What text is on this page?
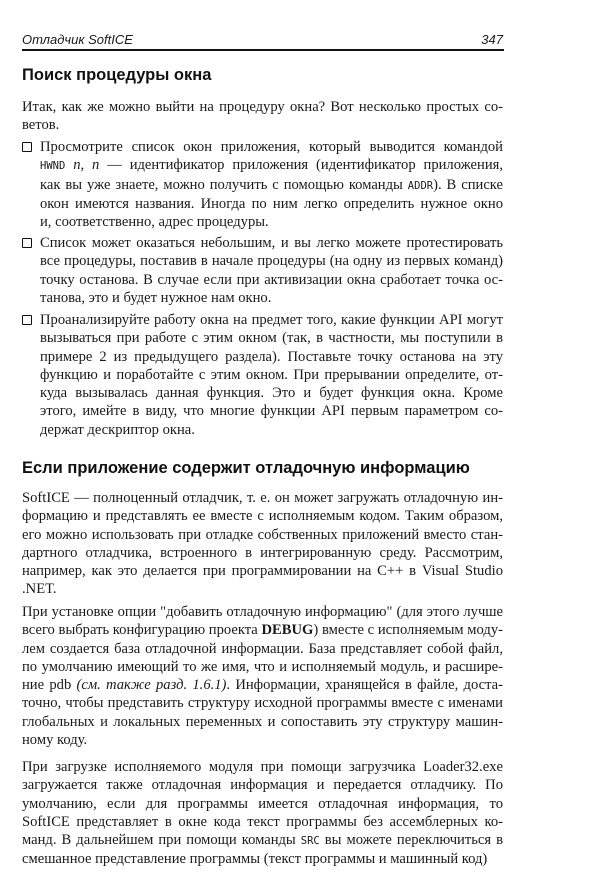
Отладчик SoftICE	347
Поиск процедуры окна
Итак, как же можно выйти на процедуру окна? Вот несколько простых со-
ветов.
Просмотрите список окон приложения, который выводится командой
HWND n, n — идентификатор приложения (идентификатор приложения,
как вы уже знаете, можно получить с помощью команды ADDR). В списке
окон имеются названия. Иногда по ним легко определить нужное окно
и, соответственно, адрес процедуры.
Список может оказаться небольшим, и вы легко можете протестировать
все процедуры, поставив в начале процедуры (на одну из первых команд)
точку останова. В случае если при активизации окна сработает точка ос-
танова, это и будет нужное нам окно.
Проанализируйте работу окна на предмет того, какие функции API могут
вызываться при работе с этим окном (так, в частности, мы поступили в
примере 2 из предыдущего раздела). Поставьте точку останова на эту
функцию и поработайте с этим окном. При прерывании определите, от-
куда вызывалась данная функция. Это и будет функция окна. Кроме
этого, имейте в виду, что многие функции API первым параметром со-
держат дескриптор окна.
Если приложение содержит отладочную информацию
SoftICE — полноценный отладчик, т. е. он может загружать отладочную ин-
формацию и представлять ее вместе с исполняемым кодом. Таким образом,
его можно использовать при отладке собственных приложений вместо стан-
дартного отладчика, встроенного в интегрированную среду. Рассмотрим,
например, как это делается при программировании на C++ в Visual Studio
.NET.
При установке опции "добавить отладочную информацию" (для этого лучше
всего выбрать конфигурацию проекта DEBUG) вместе с исполняемым моду-
лем создается база отладочной информации. База представляет собой файл,
по умолчанию имеющий то же имя, что и исполняемый модуль, и расшире-
ние pdb (см. также разд. 1.6.1). Информации, хранящейся в файле, доста-
точно, чтобы представить структуру исходной программы вместе с именами
глобальных и локальных переменных и сопоставить эту структуру машин-
ному коду.
При загрузке исполняемого модуля при помощи загрузчика Loader32.exe
загружается также отладочная информация и передается отладчику. По
умолчанию, если для программы имеется отладочная информация, то
SoftICE представляет в окне кода текст программы без ассемблерных ко-
манд. В дальнейшем при помощи команды SRC вы можете переключиться в
смешанное представление программы (текст программы и машинный код)
